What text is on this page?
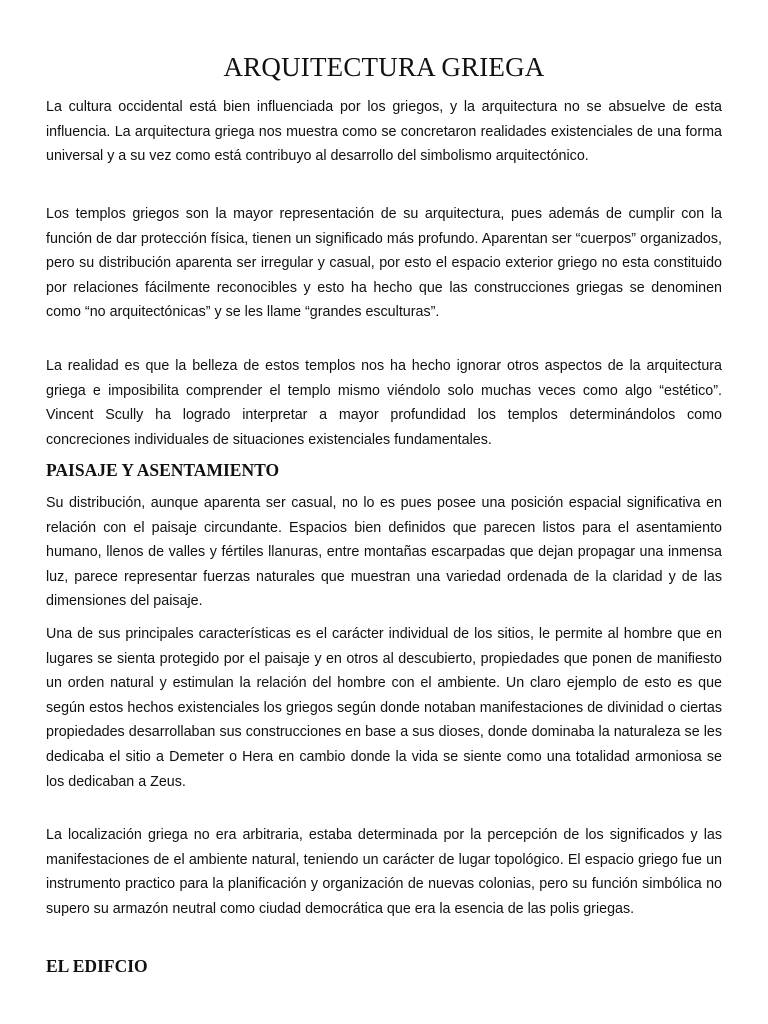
ARQUITECTURA GRIEGA

La cultura occidental está bien influenciada por los griegos, y la arquitectura no se absuelve de esta influencia. La arquitectura griega nos muestra como se concretaron realidades existenciales de una forma universal y a su vez como está contribuyo al desarrollo del simbolismo arquitectónico.

Los templos griegos son la mayor representación de su arquitectura, pues además de cumplir con la función de dar protección física, tienen un significado más profundo. Aparentan ser “cuerpos” organizados, pero su distribución aparenta ser irregular y casual, por esto el espacio exterior griego no esta constituido por relaciones fácilmente reconocibles y esto ha hecho que las construcciones griegas se denominen como “no arquitectónicas” y se les llame “grandes esculturas”.

La realidad es que la belleza de estos templos nos ha hecho ignorar otros aspectos de la arquitectura griega e imposibilita comprender el templo mismo viéndolo solo muchas veces como algo “estético”. Vincent Scully ha logrado interpretar a mayor profundidad los templos determinándolos como concreciones individuales de situaciones existenciales fundamentales.

PAISAJE Y ASENTAMIENTO

Su distribución, aunque aparenta ser casual, no lo es pues posee una posición espacial significativa en relación con el paisaje circundante. Espacios bien definidos que parecen listos para el asentamiento humano, llenos de valles y fértiles llanuras, entre montañas escarpadas que dejan propagar una inmensa luz, parece representar fuerzas naturales que muestran una variedad ordenada de la claridad y de las dimensiones del paisaje.

Una de sus principales características es el carácter individual de los sitios, le permite al hombre que en lugares se sienta protegido por el paisaje y en otros al descubierto, propiedades que ponen de manifiesto un orden natural y estimulan la relación del hombre con el ambiente. Un claro ejemplo de esto es que según estos hechos existenciales los griegos según donde notaban manifestaciones de divinidad o ciertas propiedades desarrollaban sus construcciones en base a sus dioses, donde dominaba la naturaleza se les dedicaba el sitio a Demeter o Hera en cambio donde la vida se siente como una totalidad armoniosa se los dedicaban a Zeus.

La localización griega no era arbitraria, estaba determinada por la percepción de los significados y las manifestaciones de el ambiente natural, teniendo un carácter de lugar topológico. El espacio griego fue un instrumento practico para la planificación y organización de nuevas colonias, pero su función simbólica no supero su armazón neutral como ciudad democrática que era la esencia de las polis griegas.

EL EDIFCIO
